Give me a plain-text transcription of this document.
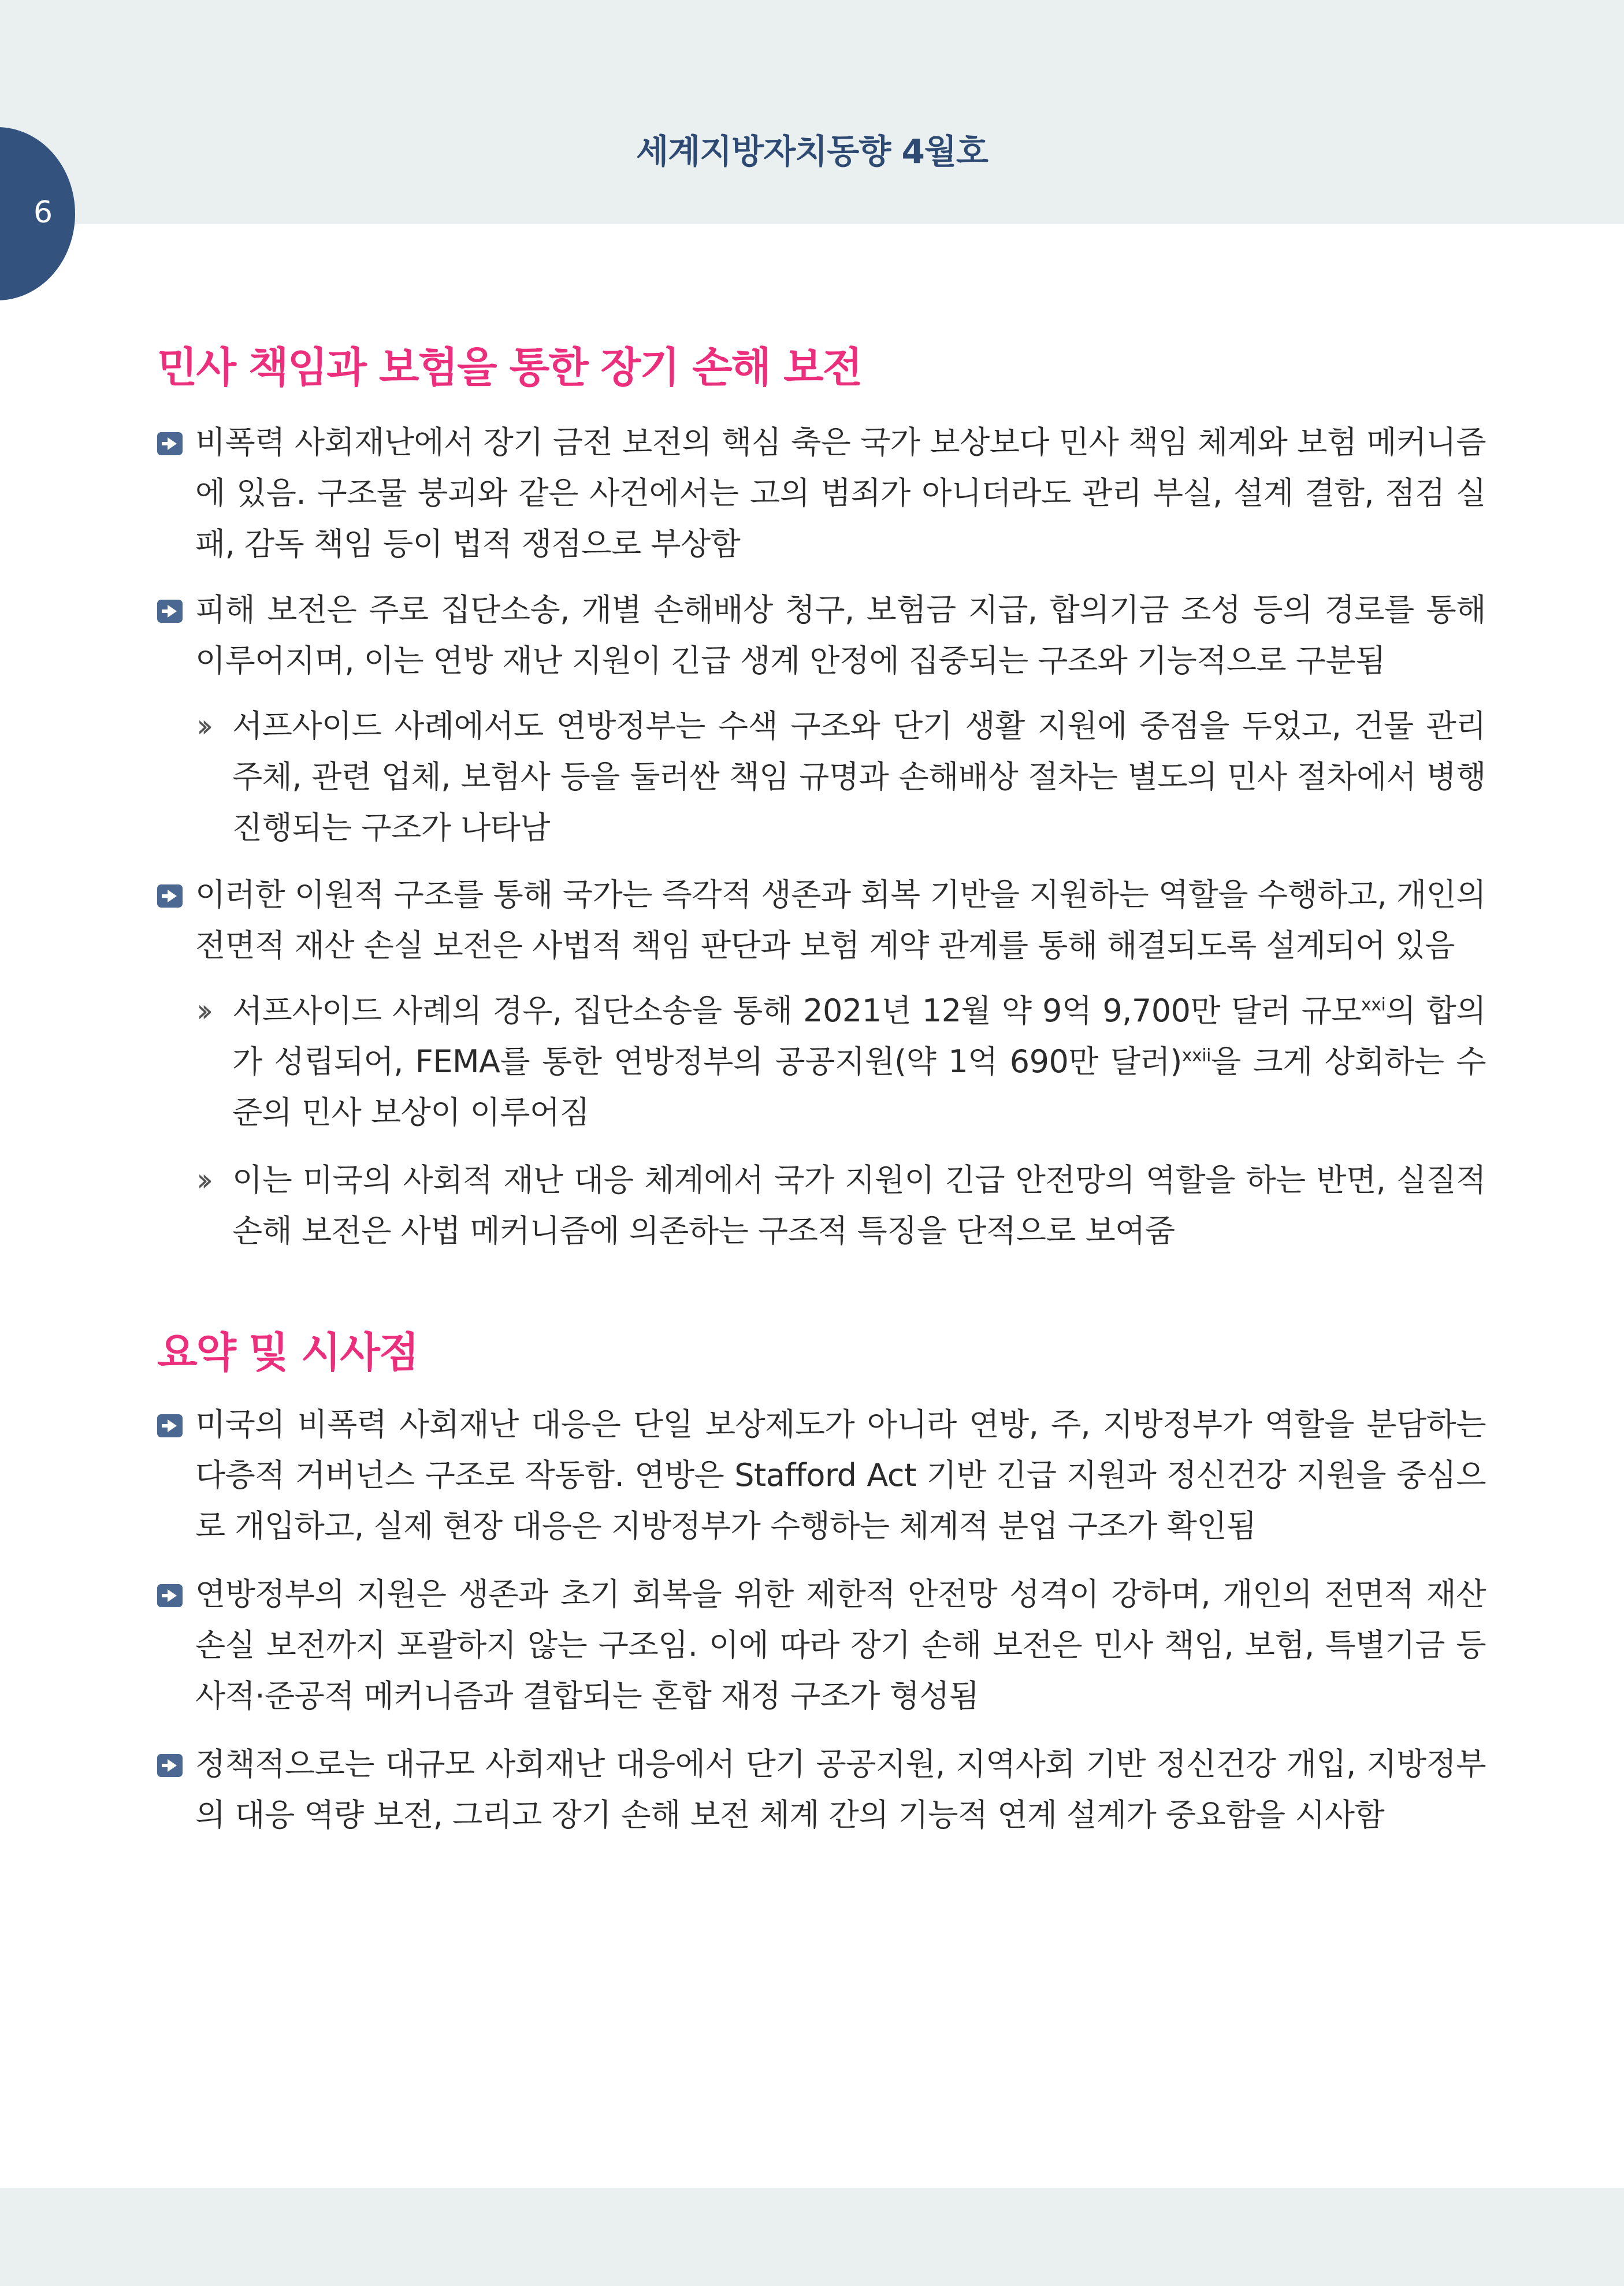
세계지방자치동향 4월호
6
민사 책임과 보험을 통한 장기 손해 보전
비폭력 사회재난에서 장기 금전 보전의 핵심 축은 국가 보상보다 민사 책임 체계와 보험 메커니즘에 있음. 구조물 붕괴와 같은 사건에서는 고의 범죄가 아니더라도 관리 부실, 설계 결함, 점검 실패, 감독 책임 등이 법적 쟁점으로 부상함
피해 보전은 주로 집단소송, 개별 손해배상 청구, 보험금 지급, 합의기금 조성 등의 경로를 통해 이루어지며, 이는 연방 재난 지원이 긴급 생계 안정에 집중되는 구조와 기능적으로 구분됨
›› 서프사이드 사례에서도 연방정부는 수색 구조와 단기 생활 지원에 중점을 두었고, 건물 관리 주체, 관련 업체, 보험사 등을 둘러싼 책임 규명과 손해배상 절차는 별도의 민사 절차에서 병행 진행되는 구조가 나타남
이러한 이원적 구조를 통해 국가는 즉각적 생존과 회복 기반을 지원하는 역할을 수행하고, 개인의 전면적 재산 손실 보전은 사법적 책임 판단과 보험 계약 관계를 통해 해결되도록 설계되어 있음
›› 서프사이드 사례의 경우, 집단소송을 통해 2021년 12월 약 9억 9,700만 달러 규모$^{xxi}$의 합의가 성립되어, FEMA를 통한 연방정부의 공공지원(약 1억 690만 달러)$^{xxii}$을 크게 상회하는 수준의 민사 보상이 이루어짐
›› 이는 미국의 사회적 재난 대응 체계에서 국가 지원이 긴급 안전망의 역할을 하는 반면, 실질적 손해 보전은 사법 메커니즘에 의존하는 구조적 특징을 단적으로 보여줌
요약 및 시사점
미국의 비폭력 사회재난 대응은 단일 보상제도가 아니라 연방, 주, 지방정부가 역할을 분담하는 다층적 거버넌스 구조로 작동함. 연방은 Stafford Act 기반 긴급 지원과 정신건강 지원을 중심으로 개입하고, 실제 현장 대응은 지방정부가 수행하는 체계적 분업 구조가 확인됨
연방정부의 지원은 생존과 초기 회복을 위한 제한적 안전망 성격이 강하며, 개인의 전면적 재산 손실 보전까지 포괄하지 않는 구조임. 이에 따라 장기 손해 보전은 민사 책임, 보험, 특별기금 등 사적·준공적 메커니즘과 결합되는 혼합 재정 구조가 형성됨
정책적으로는 대규모 사회재난 대응에서 단기 공공지원, 지역사회 기반 정신건강 개입, 지방정부의 대응 역량 보전, 그리고 장기 손해 보전 체계 간의 기능적 연계 설계가 중요함을 시사함
